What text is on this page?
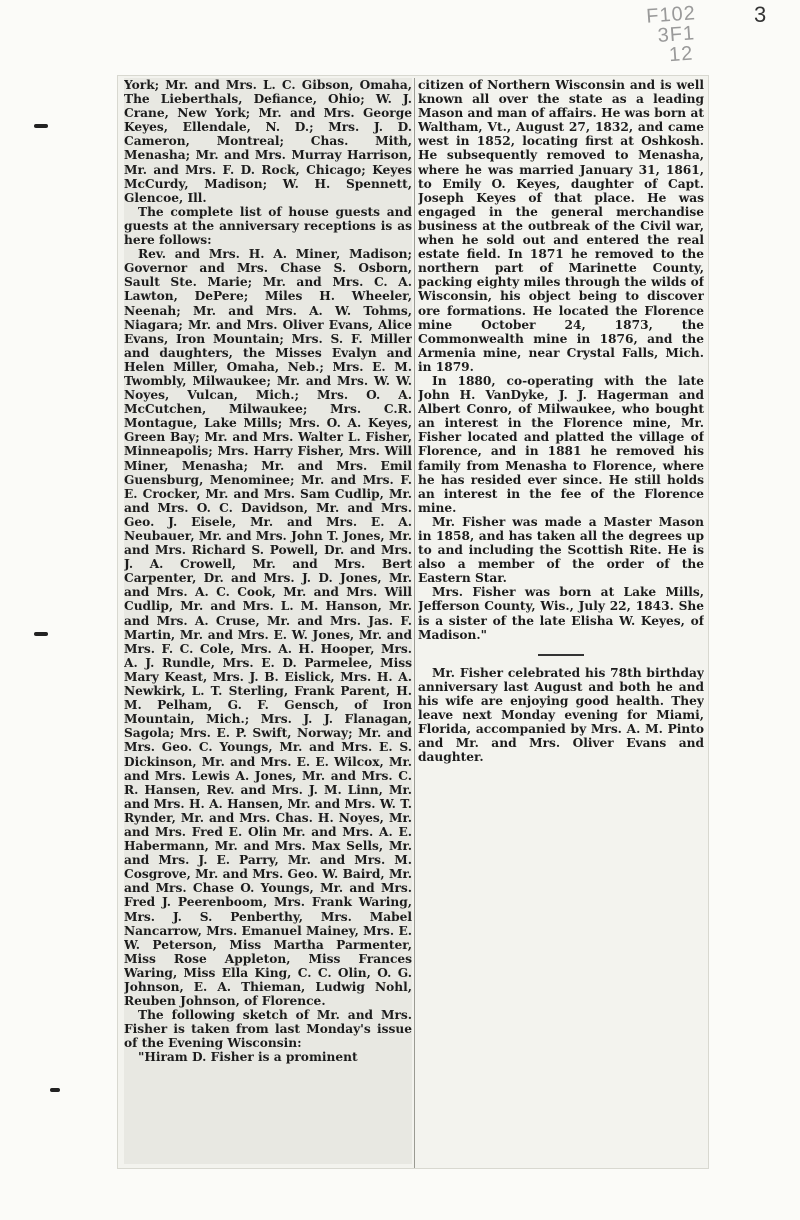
F102
3F1
12
3

York; Mr. and Mrs. L. C. Gibson, Omaha, The Lieberthals, Defiance, Ohio; W. J. Crane, New York; Mr. and Mrs. George Keyes, Ellendale, N. D.; Mrs. J. D. Cameron, Montreal; Chas. Mith, Menasha; Mr. and Mrs. Murray Harrison, Mr. and Mrs. F. D. Rock, Chicago; Keyes McCurdy, Madison; W. H. Spennett, Glencoe, Ill.

The complete list of house guests and guests at the anniversary receptions is as here follows:

Rev. and Mrs. H. A. Miner, Madison; Governor and Mrs. Chase S. Osborn, Sault Ste. Marie; Mr. and Mrs. C. A. Lawton, DePere; Miles H. Wheeler, Neenah; Mr. and Mrs. A. W. Tohms, Niagara; Mr. and Mrs. Oliver Evans, Alice Evans, Iron Mountain; Mrs. S. F. Miller and daughters, the Misses Evalyn and Helen Miller, Omaha, Neb.; Mrs. E. M. Twombly, Milwaukee; Mr. and Mrs. W. W. Noyes, Vulcan, Mich.; Mrs. O. A. McCutchen, Milwaukee; Mrs. C.R. Montague, Lake Mills; Mrs. O. A. Keyes, Green Bay; Mr. and Mrs. Walter L. Fisher, Minneapolis; Mrs. Harry Fisher, Mrs. Will Miner, Menasha; Mr. and Mrs. Emil Guensburg, Menominee; Mr. and Mrs. F. E. Crocker, Mr. and Mrs. Sam Cudlip, Mr. and Mrs. O. C. Davidson, Mr. and Mrs. Geo. J. Eisele, Mr. and Mrs. E. A. Neubauer, Mr. and Mrs. John T. Jones, Mr. and Mrs. Richard S. Powell, Dr. and Mrs. J. A. Crowell, Mr. and Mrs. Bert Carpenter, Dr. and Mrs. J. D. Jones, Mr. and Mrs. A. C. Cook, Mr. and Mrs. Will Cudlip, Mr. and Mrs. L. M. Hanson, Mr. and Mrs. A. Cruse, Mr. and Mrs. Jas. F. Martin, Mr. and Mrs. E. W. Jones, Mr. and Mrs. F. C. Cole, Mrs. A. H. Hooper, Mrs. A. J. Rundle, Mrs. E. D. Parmelee, Miss Mary Keast, Mrs. J. B. Eislick, Mrs. H. A. Newkirk, L. T. Sterling, Frank Parent, H. M. Pelham, G. F. Gensch, of Iron Mountain, Mich.; Mrs. J. J. Flanagan, Sagola; Mrs. E. P. Swift, Norway; Mr. and Mrs. Geo. C. Youngs, Mr. and Mrs. E. S. Dickinson, Mr. and Mrs. E. E. Wilcox, Mr. and Mrs. Lewis A. Jones, Mr. and Mrs. C. R. Hansen, Rev. and Mrs. J. M. Linn, Mr. and Mrs. H. A. Hansen, Mr. and Mrs. W. T. Rynder, Mr. and Mrs. Chas. H. Noyes, Mr. and Mrs. Fred E. Olin Mr. and Mrs. A. E. Habermann, Mr. and Mrs. Max Sells, Mr. and Mrs. J. E. Parry, Mr. and Mrs. M. Cosgrove, Mr. and Mrs. Geo. W. Baird, Mr. and Mrs. Chase O. Youngs, Mr. and Mrs. Fred J. Peerenboom, Mrs. Frank Waring, Mrs. J. S. Penberthy, Mrs. Mabel Nancarrow, Mrs. Emanuel Mainey, Mrs. E. W. Peterson, Miss Martha Parmenter, Miss Rose Appleton, Miss Frances Waring, Miss Ella King, C. C. Olin, O. G. Johnson, E. A. Thieman, Ludwig Nohl, Reuben Johnson, of Florence.

The following sketch of Mr. and Mrs. Fisher is taken from last Monday's issue of the Evening Wisconsin:

"Hiram D. Fisher is a prominent

citizen of Northern Wisconsin and is well known all over the state as a leading Mason and man of affairs. He was born at Waltham, Vt., August 27, 1832, and came west in 1852, locating first at Oshkosh. He subsequently removed to Menasha, where he was married January 31, 1861, to Emily O. Keyes, daughter of Capt. Joseph Keyes of that place. He was engaged in the general merchandise business at the outbreak of the Civil war, when he sold out and entered the real estate field. In 1871 he removed to the northern part of Marinette County, packing eighty miles through the wilds of Wisconsin, his object being to discover ore formations. He located the Florence mine October 24, 1873, the Commonwealth mine in 1876, and the Armenia mine, near Crystal Falls, Mich. in 1879.

In 1880, co-operating with the late John H. VanDyke, J. J. Hagerman and Albert Conro, of Milwaukee, who bought an interest in the Florence mine, Mr. Fisher located and platted the village of Florence, and in 1881 he removed his family from Menasha to Florence, where he has resided ever since. He still holds an interest in the fee of the Florence mine.

Mr. Fisher was made a Master Mason in 1858, and has taken all the degrees up to and including the Scottish Rite. He is also a member of the order of the Eastern Star.

Mrs. Fisher was born at Lake Mills, Jefferson County, Wis., July 22, 1843. She is a sister of the late Elisha W. Keyes, of Madison."

Mr. Fisher celebrated his 78th birthday anniversary last August and both he and his wife are enjoying good health. They leave next Monday evening for Miami, Florida, accompanied by Mrs. A. M. Pinto and Mr. and Mrs. Oliver Evans and daughter.
